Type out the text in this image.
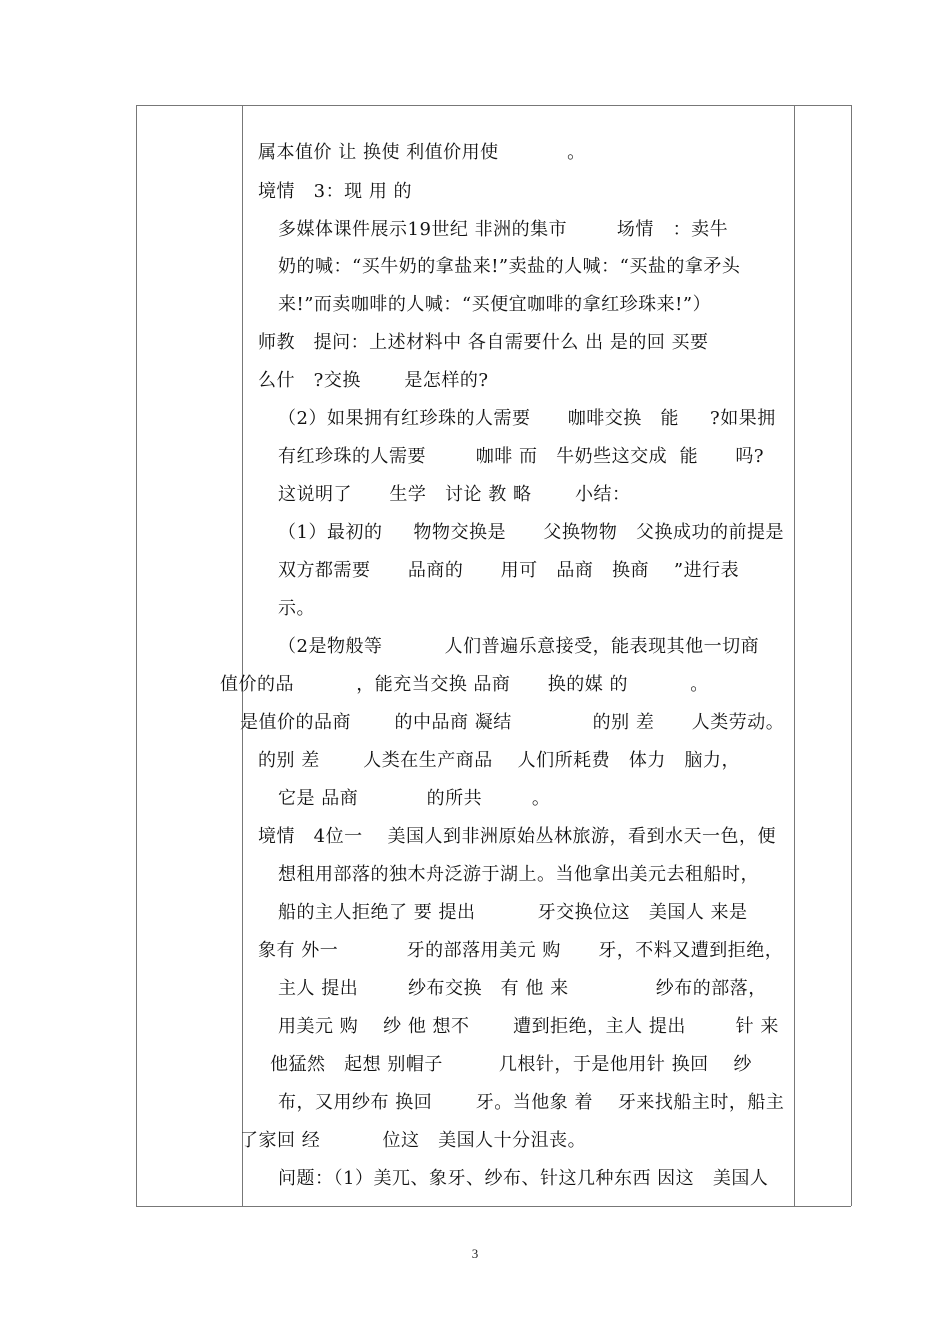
属本值价 让 换使 利值价用使           。
境情   3：现 用 的
多媒体课件展示19世纪 非洲的集市        场情   ：卖牛
奶的喊：“买牛奶的拿盐来!”卖盐的人喊：“买盐的拿矛头
来!”而卖咖啡的人喊：“买便宜咖啡的拿红珍珠来!”）
师教   提问：上述材料中 各自需要什么 出 是的回 买要
么什   ?交换       是怎样的?
（2）如果拥有红珍珠的人需要      咖啡交换   能     ?如果拥
有红珍珠的人需要        咖啡 而   牛奶些这交成  能      吗?
这说明了      生学   讨论 教 略       小结：
（1）最初的     物物交换是      父换物物   父换成功的前提是
双方都需要      品商的      用可   品商   换商    ”进行表
示。
（2是物般等          人们普遍乐意接受，能表现其他一切商
值价的品          ，能充当交换 品商      换的媒 的          。
是值价的品商       的中品商 凝结             的别 差      人类劳动。
的别 差       人类在生产商品    人们所耗费   体力   脑力，
它是 品商           的所共        。
境情   4位一    美国人到非洲原始丛林旅游，看到水天一色，便
想租用部落的独木舟泛游于湖上。当他拿出美元去租船时，
船的主人拒绝了 要 提出          牙交换位这   美国人 来是
象有 外一           牙的部落用美元 购      牙，不料又遭到拒绝，
主人 提出        纱布交换   有 他 来              纱布的部落，
用美元 购    纱 他 想不       遭到拒绝，主人 提出        针 来
他猛然   起想 别帽子         几根针，于是他用针 换回    纱
布，又用纱布 换回       牙。当他象 着    牙来找船主时，船主
了家回 经          位这   美国人十分沮丧。
问题：（1）美兀、象牙、纱布、针这几种东西 因这   美国人
3
